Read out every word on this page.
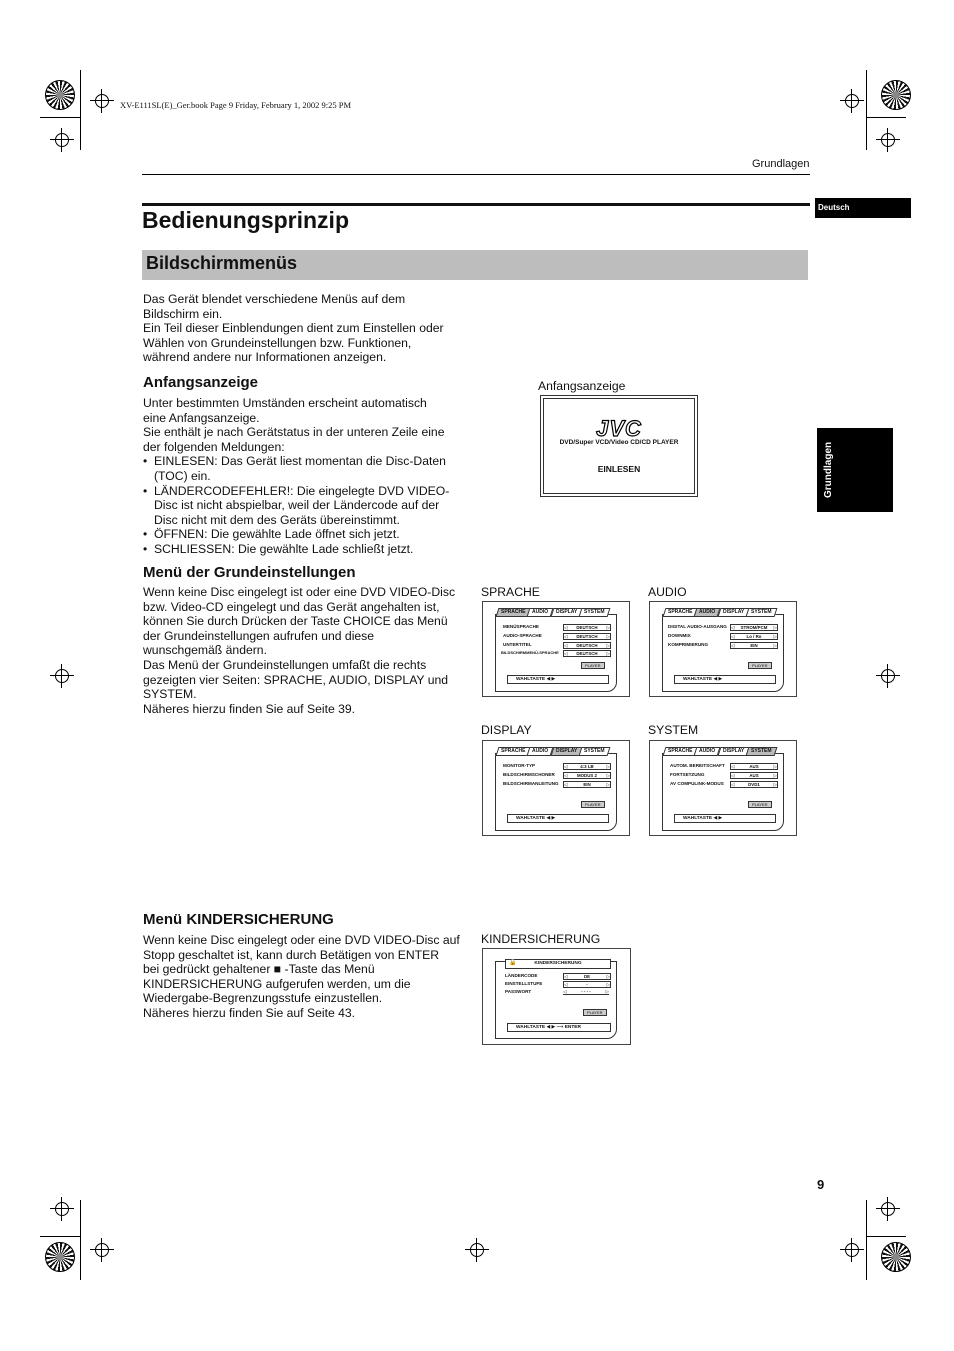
XV-E111SL(E)_Ger.book Page 9 Friday, February 1, 2002 9:25 PM
Grundlagen
Deutsch
Grundlagen
Bedienungsprinzip
Bildschirmmenüs

Das Gerät blendet verschiedene Menüs auf dem

Bildschirm ein.

Ein Teil dieser Einblendungen dient zum Einstellen oder

Wählen von Grundeinstellungen bzw. Funktionen,

während andere nur Informationen anzeigen.

Anfangsanzeige

Unter bestimmten Umständen erscheint automatisch

eine Anfangsanzeige.

Sie enthält je nach Gerätstatus in der unteren Zeile eine

der folgenden Meldungen:

• EINLESEN: Das Gerät liest momentan die Disc-Daten

(TOC) ein.

• LÄNDERCODEFEHLER!: Die eingelegte DVD VIDEO-

Disc ist nicht abspielbar, weil der Ländercode auf der

Disc nicht mit dem des Geräts übereinstimmt.

• ÖFFNEN: Die gewählte Lade öffnet sich jetzt.

• SCHLIESSEN: Die gewählte Lade schließt jetzt.

Anfangsanzeige
JVC
DVD/Super VCD/Video CD/CD PLAYER
EINLESEN
Menü der Grundeinstellungen

Wenn keine Disc eingelegt ist oder eine DVD VIDEO-Disc

bzw. Video-CD eingelegt und das Gerät angehalten ist,

können Sie durch Drücken der Taste CHOICE das Menü

der Grundeinstellungen aufrufen und diese

wunschgemäß ändern.

Das Menü der Grundeinstellungen umfaßt die rechts

gezeigten vier Seiten: SPRACHE, AUDIO, DISPLAY und

SYSTEM.

Näheres hierzu finden Sie auf Seite 39.

SPRACHE
SPRACHE	AUDIO	DISPLAY	SYSTEM
MENÜSPRACHE	◁ DEUTSCH ▷
AUDIO-SPRACHE	◁ DEUTSCH ▷
UNTERTITEL	◁ DEUTSCH ▷
BILDSCHIRMMENÜ-SPRACHE	◁ DEUTSCH ▷
PLAYER
WAHLTASTE ◀ ▶
AUDIO
SPRACHE	AUDIO	DISPLAY	SYSTEM
DIGITAL AUDIO-AUSGANG	◁ STROM/PCM ▷
DOWNMIX	◁ Lo / Ro ▷
KOMPRIMIERUNG	◁ EIN ▷
PLAYER
WAHLTASTE ◀ ▶
DISPLAY
SPRACHE	AUDIO	DISPLAY	SYSTEM
MONITOR-TYP	◁ 4:3 LB ▷
BILDSCHIRMSCHONER	◁ MODUS 2 ▷
BILDSCHIRMANLEITUNG	◁ EIN ▷
PLAYER
WAHLTASTE ◀ ▶
SYSTEM
SPRACHE	AUDIO	DISPLAY	SYSTEM
AUTOM. BEREITSCHAFT	◁ AUS ▷
FORTSETZUNG	◁ AUS ▷
AV COMPULINK-MODUS	◁ DVD1 ▷
PLAYER
WAHLTASTE ◀ ▶
Menü KINDERSICHERUNG

Wenn keine Disc eingelegt oder eine DVD VIDEO-Disc auf

Stopp geschaltet ist, kann durch Betätigen von ENTER

bei gedrückt gehaltener ■ -Taste das Menü

KINDERSICHERUNG aufgerufen werden, um die

Wiedergabe-Begrenzungsstufe einzustellen.

Näheres hierzu finden Sie auf Seite 43.

KINDERSICHERUNG
🔒	KINDERSICHERUNG
LÄNDERCODE	◁ DE ▷
EINSTELLSTUFE	◁ - ▷
PASSWORT	◁ - - - - ▷
PLAYER
WAHLTASTE ◀ ▶ ⟶ ENTER
9
